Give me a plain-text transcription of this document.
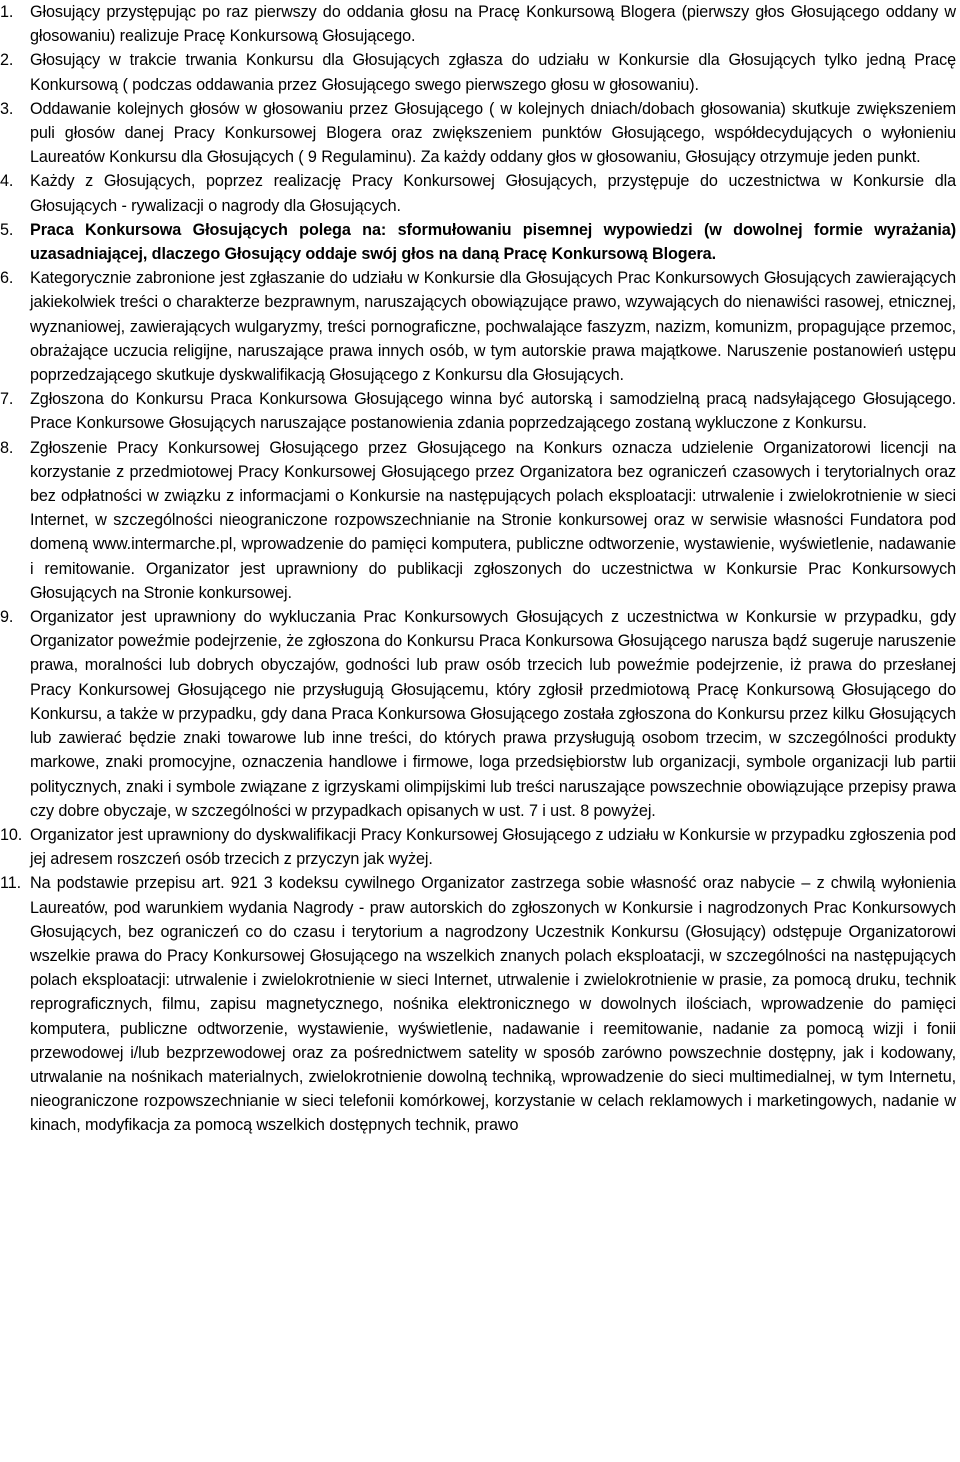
1.	Głosujący przystępując po raz pierwszy do oddania głosu na Pracę Konkursową Blogera (pierwszy głos Głosującego oddany w głosowaniu) realizuje Pracę Konkursową Głosującego.
2.	Głosujący w trakcie trwania Konkursu dla Głosujących zgłasza do udziału w Konkursie dla Głosujących tylko jedną Pracę Konkursową ( podczas oddawania przez Głosującego swego pierwszego głosu w głosowaniu).
3.	Oddawanie kolejnych głosów w głosowaniu przez Głosującego ( w kolejnych dniach/dobach głosowania) skutkuje zwiększeniem puli głosów danej Pracy Konkursowej Blogera oraz zwiększeniem punktów Głosującego, współdecydujących o wyłonieniu Laureatów Konkursu dla Głosujących ( 9 Regulaminu). Za każdy oddany głos w głosowaniu, Głosujący otrzymuje jeden punkt.
4.	Każdy z Głosujących, poprzez realizację Pracy Konkursowej Głosujących, przystępuje do uczestnictwa w Konkursie dla Głosujących - rywalizacji o nagrody dla Głosujących.
5.	Praca Konkursowa Głosujących polega na: sformułowaniu pisemnej wypowiedzi (w dowolnej formie wyrażania) uzasadniającej, dlaczego Głosujący oddaje swój głos na daną Pracę Konkursową Blogera.
6.	Kategorycznie zabronione jest zgłaszanie do udziału w Konkursie dla Głosujących Prac Konkursowych Głosujących zawierających jakiekolwiek treści o charakterze bezprawnym, naruszających obowiązujące prawo, wzywających do nienawiści rasowej, etnicznej, wyznaniowej, zawierających wulgaryzmy, treści pornograficzne, pochwalające faszyzm, nazizm, komunizm, propagujące przemoc, obrażające uczucia religijne, naruszające prawa innych osób, w tym autorskie prawa majątkowe. Naruszenie postanowień ustępu poprzedzającego skutkuje dyskwalifikacją Głosującego z Konkursu dla Głosujących.
7.	Zgłoszona do Konkursu Praca Konkursowa Głosującego winna być autorską i samodzielną pracą nadsyłającego Głosującego. Prace Konkursowe Głosujących naruszające postanowienia zdania poprzedzającego zostaną wykluczone z Konkursu.
8.	Zgłoszenie Pracy Konkursowej Głosującego przez Głosującego na Konkurs oznacza udzielenie Organizatorowi licencji na korzystanie z przedmiotowej Pracy Konkursowej Głosującego przez Organizatora bez ograniczeń czasowych i terytorialnych oraz bez odpłatności w związku z informacjami o Konkursie na następujących polach eksploatacji: utrwalenie i zwielokrotnienie w sieci Internet, w szczególności nieograniczone rozpowszechnianie na Stronie konkursowej oraz w serwisie własności Fundatora pod domeną www.intermarche.pl, wprowadzenie do pamięci komputera, publiczne odtworzenie, wystawienie, wyświetlenie, nadawanie i remitowanie. Organizator jest uprawniony do publikacji zgłoszonych do uczestnictwa w Konkursie Prac Konkursowych Głosujących na Stronie konkursowej.
9.	Organizator jest uprawniony do wykluczania Prac Konkursowych Głosujących z uczestnictwa w Konkursie w przypadku, gdy Organizator poweźmie podejrzenie, że zgłoszona do Konkursu Praca Konkursowa Głosującego narusza bądź sugeruje naruszenie prawa, moralności lub dobrych obyczajów, godności lub praw osób trzecich lub poweźmie podejrzenie, iż prawa do przesłanej Pracy Konkursowej Głosującego nie przysługują Głosującemu, który zgłosił przedmiotową Pracę Konkursową Głosującego do Konkursu, a także w przypadku, gdy dana Praca Konkursowa Głosującego została zgłoszona do Konkursu przez kilku Głosujących lub zawierać będzie znaki towarowe lub inne treści, do których prawa przysługują osobom trzecim, w szczególności produkty markowe, znaki promocyjne, oznaczenia handlowe i firmowe, loga przedsiębiorstw lub organizacji, symbole organizacji lub partii politycznych, znaki i symbole związane z igrzyskami olimpijskimi lub treści naruszające powszechnie obowiązujące przepisy prawa czy dobre obyczaje, w szczególności w przypadkach opisanych w ust. 7 i ust. 8 powyżej.
10. Organizator jest uprawniony do dyskwalifikacji Pracy Konkursowej Głosującego z udziału w Konkursie w przypadku zgłoszenia pod jej adresem roszczeń osób trzecich z przyczyn jak wyżej.
11. Na podstawie przepisu art. 921 3 kodeksu cywilnego Organizator zastrzega sobie własność oraz nabycie – z chwilą wyłonienia Laureatów, pod warunkiem wydania Nagrody - praw autorskich do zgłoszonych w Konkursie i nagrodzonych Prac Konkursowych Głosujących, bez ograniczeń co do czasu i terytorium a nagrodzony Uczestnik Konkursu (Głosujący) odstępuje Organizatorowi wszelkie prawa do Pracy Konkursowej Głosującego na wszelkich znanych polach eksploatacji, w szczególności na następujących polach eksploatacji: utrwalenie i zwielokrotnienie w sieci Internet, utrwalenie i zwielokrotnienie w prasie, za pomocą druku, technik reprograficznych, filmu, zapisu magnetycznego, nośnika elektronicznego w dowolnych ilościach, wprowadzenie do pamięci komputera, publiczne odtworzenie, wystawienie, wyświetlenie, nadawanie i reemitowanie, nadanie za pomocą wizji i fonii przewodowej i/lub bezprzewodowej oraz za pośrednictwem satelity w sposób zarówno powszechnie dostępny, jak i kodowany, utrwalanie na nośnikach materialnych, zwielokrotnienie dowolną techniką, wprowadzenie do sieci multimedialnej, w tym Internetu, nieograniczone rozpowszechnianie w sieci telefonii komórkowej, korzystanie w celach reklamowych i marketingowych, nadanie w kinach, modyfikacja za pomocą wszelkich dostępnych technik, prawo
